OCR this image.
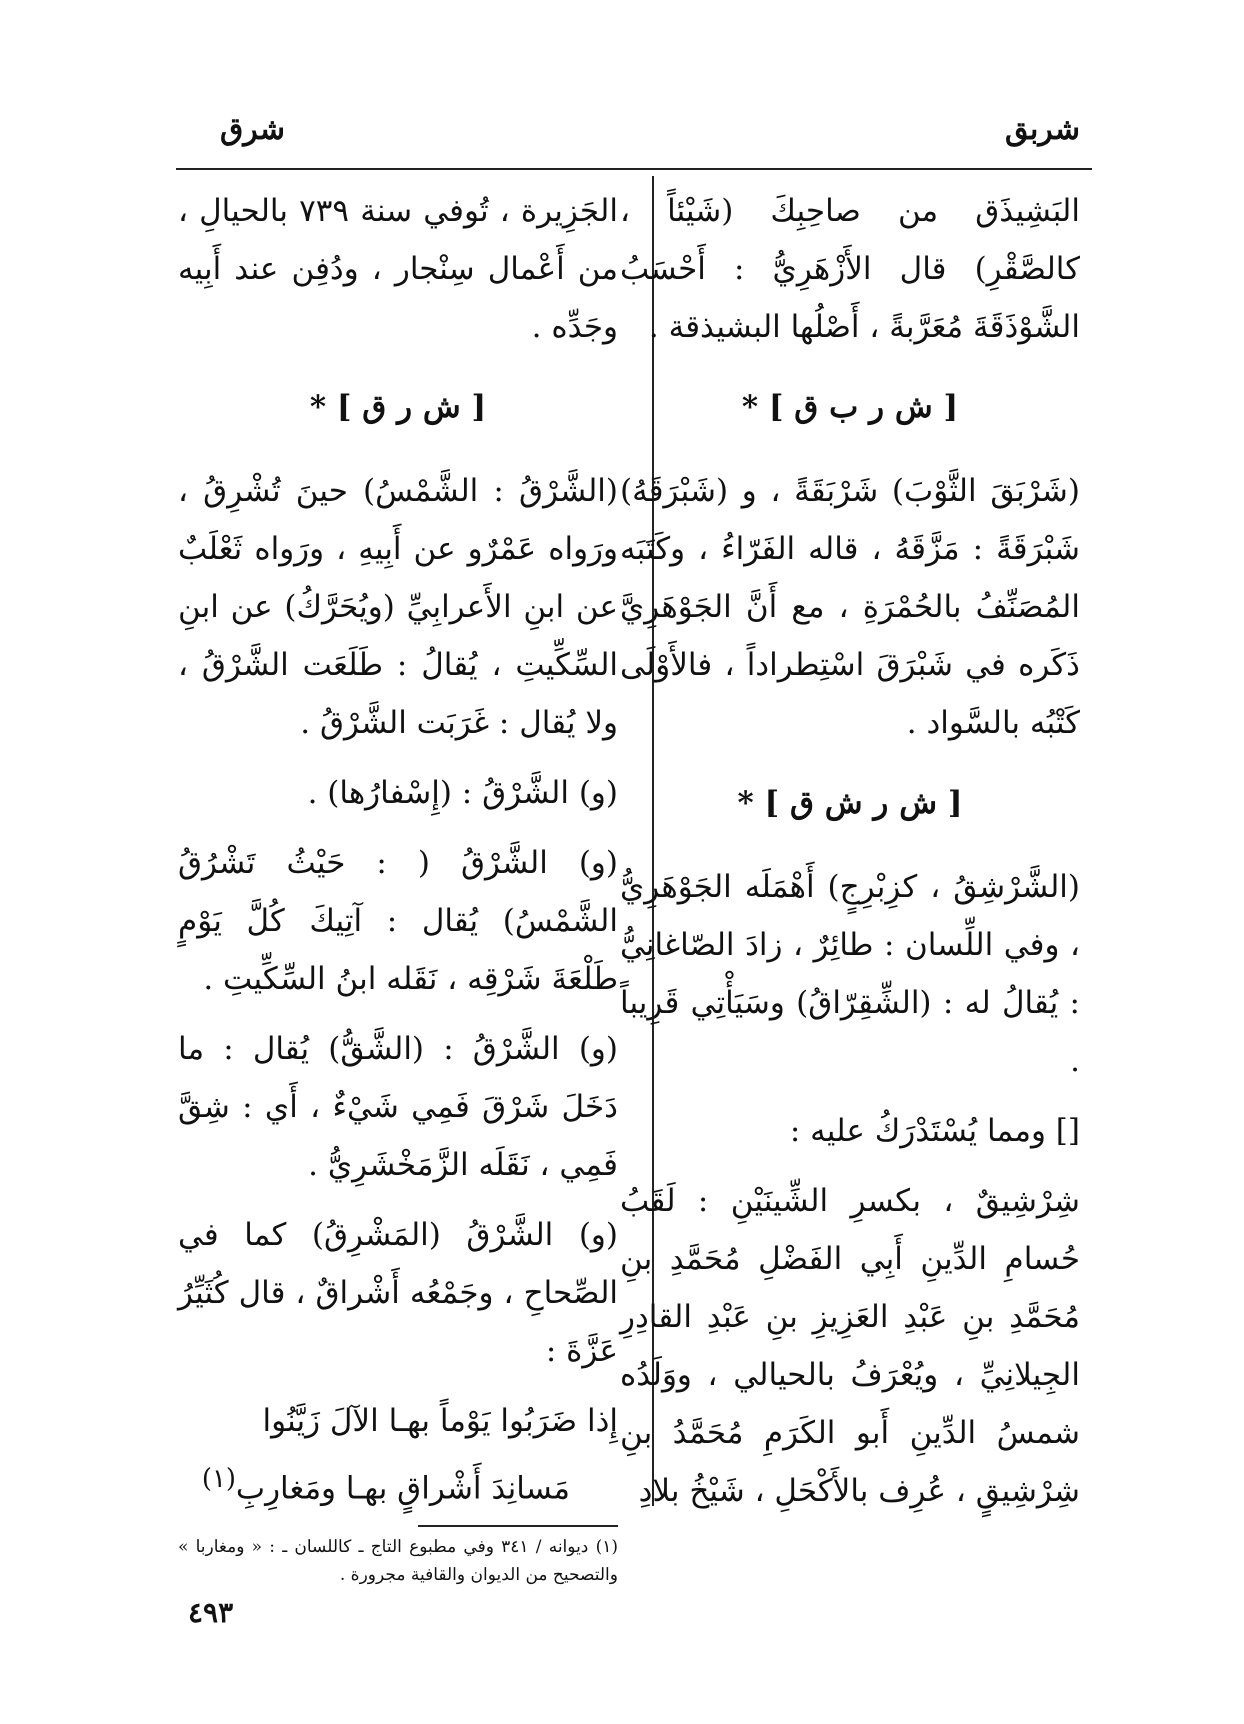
شربق
شرق

البَشِيذَق من صاحِبِكَ (شَيْئاً ، كالصَّقْرِ) قال الأَزْهَرِيُّ : أَحْسَبُ الشَّوْذَقَةَ مُعَرَّبةً ، أَصْلُها البشيذقة .

[ ش ر ب ق ] *

(شَرْبَقَ الثَّوْبَ) شَرْبَقَةً ، و (شَبْرَقَهُ) شَبْرَقَةً : مَزَّقَهُ ، قاله الفَرّاءُ ، وكَتَبَه المُصَنِّفُ بالحُمْرَةِ ، مع أَنَّ الجَوْهَرِيَّ ذَكَره في شَبْرَقَ اسْتِطراداً ، فالأَوْلَى كَتْبُه بالسَّواد .

[ ش ر ش ق ] *

(الشَّرْشِقُ ، كزِبْرِجٍ) أَهْمَلَه الجَوْهَرِيُّ ، وفي اللِّسان : طائِرٌ ، زادَ الصّاغانِيُّ : يُقالُ له : (الشِّقِرّاقُ) وسَيَأْتِي قَرِيباً .

[] ومما يُسْتَدْرَكُ عليه :

شِرْشِيقٌ ، بكسرِ الشِّينَيْنِ : لَقَبُ حُسامِ الدِّينِ أَبِي الفَضْلِ مُحَمَّدِ بنِ مُحَمَّدِ بنِ عَبْدِ العَزِيزِ بنِ عَبْدِ القادِرِ الجِيلانِيِّ ، ويُعْرَفُ بالحيالي ، ووَلَدُه شمسُ الدِّينِ أَبو الكَرَمِ مُحَمَّدُ بنِ شِرْشِيقٍ ، عُرِف بالأَكْحَلِ ، شَيْخُ بلادِ

الجَزِيرة ، تُوفي سنة ٧٣٩ بالحيالِ ، من أَعْمال سِنْجار ، ودُفِن عند أَبِيه وجَدِّه .

[ ش ر ق ] *

(الشَّرْقُ : الشَّمْسُ) حينَ تُشْرِقُ ، ورَواه عَمْرٌو عن أَبِيهِ ، ورَواه ثَعْلَبٌ عن ابنِ الأَعرابِيِّ (ويُحَرَّكُ) عن ابنِ السِّكِّيتِ ، يُقالُ : طَلَعَت الشَّرْقُ ، ولا يُقال : غَرَبَت الشَّرْقُ .

(و) الشَّرْقُ : (إِسْفارُها) .

(و) الشَّرْقُ ( : حَيْثُ تَشْرُقُ الشَّمْسُ) يُقال : آتِيكَ كُلَّ يَوْمٍ طَلْعَةَ شَرْقِه ، نَقَله ابنُ السِّكِّيتِ .

(و) الشَّرْقُ : (الشَّقُّ) يُقال : ما دَخَلَ شَرْقَ فَمِي شَيْءٌ ، أَي : شِقَّ فَمِي ، نَقَلَه الزَّمَخْشَرِيُّ .

(و) الشَّرْقُ (المَشْرِقُ) كما في الصِّحاحِ ، وجَمْعُه أَشْراقٌ ، قال كُثَيِّرُ عَزَّةَ :

إِذا ضَرَبُوا يَوْماً بهـا الآلَ زَيَّنُوا
مَسانِدَ أَشْراقٍ بهـا ومَغارِبِ$^{(١)}$

(١) ديوانه / ٣٤١ وفي مطبوع التاج ـ كاللسان ـ : « ومغاربا » والتصحيح من الديوان والقافية مجرورة .

٤٩٣
